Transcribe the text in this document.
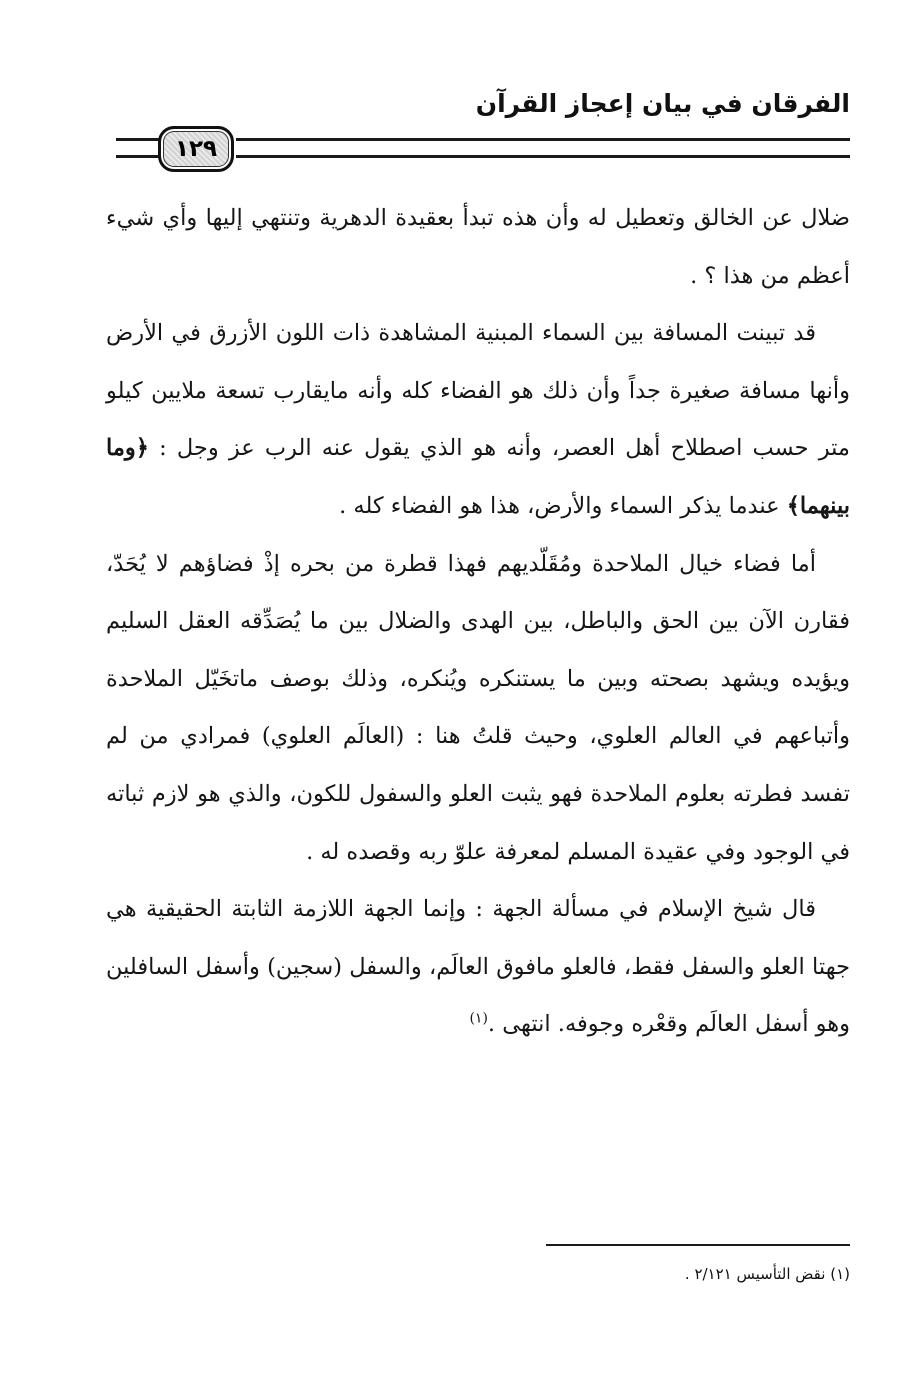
الفرقان في بيان إعجاز القرآن
١٢٩

ضلال عن الخالق وتعطيل له وأن هذه تبدأ بعقيدة الدهرية وتنتهي إليها وأي شيء أعظم من هذا ؟ .

قد تبينت المسافة بين السماء المبنية المشاهدة ذات اللون الأزرق في الأرض وأنها مسافة صغيرة جداً وأن ذلك هو الفضاء كله وأنه مايقارب تسعة ملايين كيلو متر حسب اصطلاح أهل العصر، وأنه هو الذي يقول عنه الرب عز وجل : ﴿وما بينهما﴾ عندما يذكر السماء والأرض، هذا هو الفضاء كله .

أما فضاء خيال الملاحدة ومُقَلّديهم فهذا قطرة من بحره إذْ فضاؤهم لا يُحَدّ، فقارن الآن بين الحق والباطل، بين الهدى والضلال بين ما يُصَدِّقه العقل السليم ويؤيده ويشهد بصحته وبين ما يستنكره ويُنكره، وذلك بوصف ماتخَيّل الملاحدة وأتباعهم في العالم العلوي، وحيث قلتُ هنا : (العالَم العلوي) فمرادي من لم تفسد فطرته بعلوم الملاحدة فهو يثبت العلو والسفول للكون، والذي هو لازم ثباته في الوجود وفي عقيدة المسلم لمعرفة علوّ ربه وقصده له .

قال شيخ الإسلام في مسألة الجهة : وإنما الجهة اللازمة الثابتة الحقيقية هي جهتا العلو والسفل فقط، فالعلو مافوق العالَم، والسفل (سجين) وأسفل السافلين وهو أسفل العالَم وقعْره وجوفه. انتهى .$^{(١)}$

(١) نقض التأسيس ٢/١٢١ .
